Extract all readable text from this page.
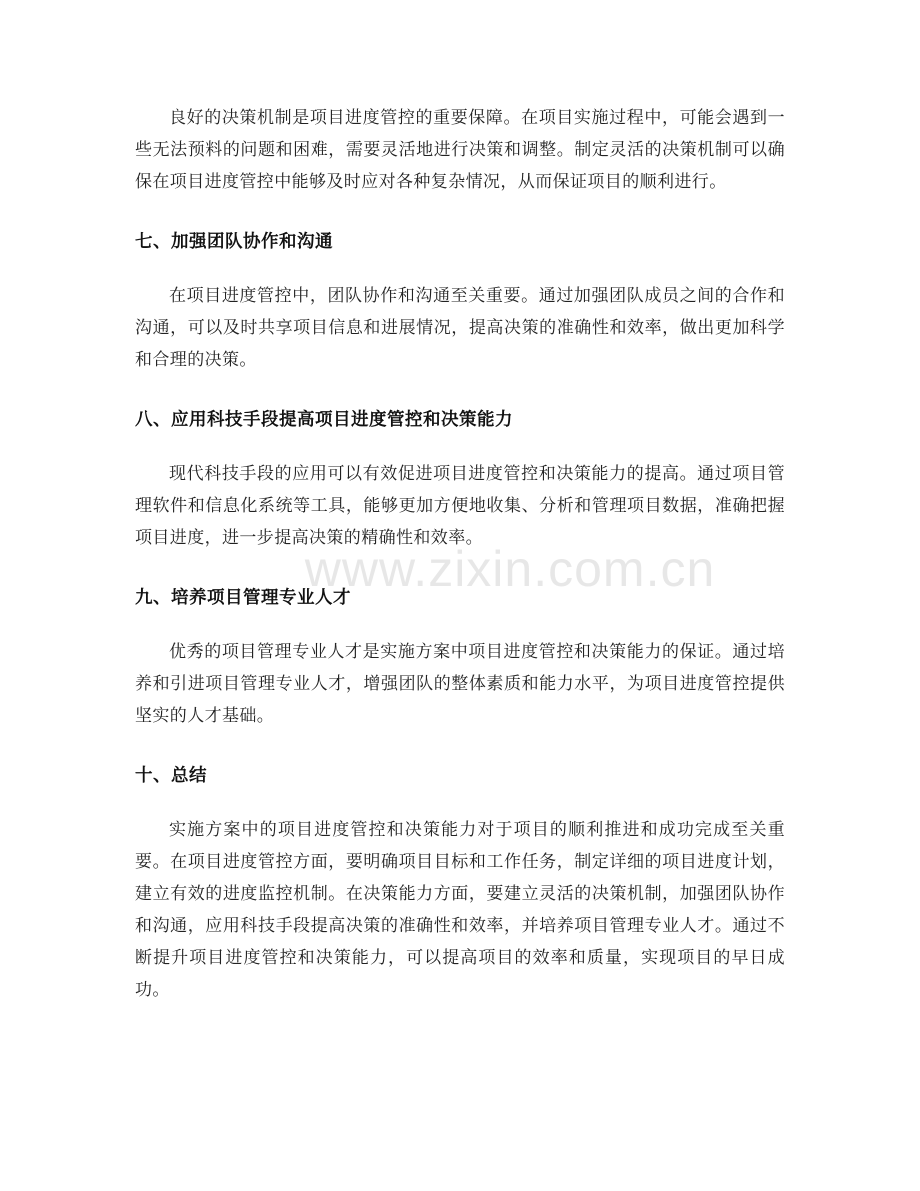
良好的决策机制是项目进度管控的重要保障。在项目实施过程中，可能会遇到一些无法预料的问题和困难，需要灵活地进行决策和调整。制定灵活的决策机制可以确保在项目进度管控中能够及时应对各种复杂情况，从而保证项目的顺利进行。

七、加强团队协作和沟通

在项目进度管控中，团队协作和沟通至关重要。通过加强团队成员之间的合作和沟通，可以及时共享项目信息和进展情况，提高决策的准确性和效率，做出更加科学和合理的决策。

八、应用科技手段提高项目进度管控和决策能力

现代科技手段的应用可以有效促进项目进度管控和决策能力的提高。通过项目管理软件和信息化系统等工具，能够更加方便地收集、分析和管理项目数据，准确把握项目进度，进一步提高决策的精确性和效率。

九、培养项目管理专业人才

优秀的项目管理专业人才是实施方案中项目进度管控和决策能力的保证。通过培养和引进项目管理专业人才，增强团队的整体素质和能力水平，为项目进度管控提供坚实的人才基础。

十、总结

实施方案中的项目进度管控和决策能力对于项目的顺利推进和成功完成至关重要。在项目进度管控方面，要明确项目目标和工作任务，制定详细的项目进度计划，建立有效的进度监控机制。在决策能力方面，要建立灵活的决策机制，加强团队协作和沟通，应用科技手段提高决策的准确性和效率，并培养项目管理专业人才。通过不断提升项目进度管控和决策能力，可以提高项目的效率和质量，实现项目的早日成功。

www.zixin.com.cn
